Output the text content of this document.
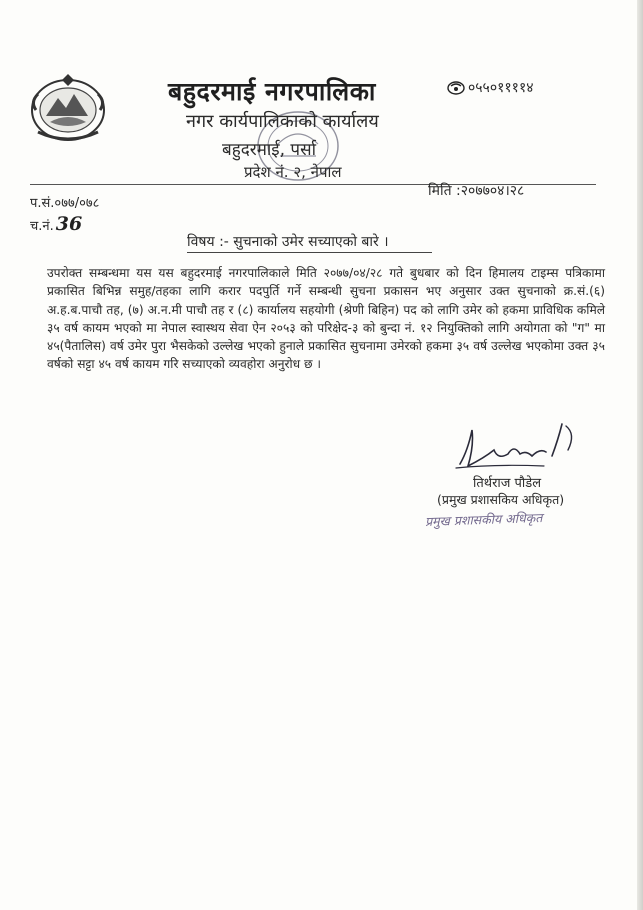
बहुदरमाई नगरपालिका	०५५०११११४
नगर कार्यपालिकाको कार्यालय
बहुदरमाई, पर्सा
प्रदेश नं. २, नेपाल
प.सं.०७७/०७८
मिति :२०७७०४।२८
च.नं. 36
विषय :- सुचनाको उमेर सच्याएको बारे ।
उपरोक्त सम्बन्धमा यस यस बहुदरमाई नगरपालिकाले मिति २०७७/०४/२८ गते बुधबार को दिन हिमालय टाइम्स पत्रिकामा प्रकासित बिभिन्न समुह/तहका लागि करार पदपुर्ति गर्ने सम्बन्धी सुचना प्रकासन भए अनुसार उक्त सुचनाको क्र.सं.(६) अ.ह.ब.पाचौ तह, (७) अ.न.मी पाचौ तह र (८) कार्यालय सहयोगी (श्रेणी बिहिन) पद को लागि उमेर को हकमा प्राविधिक कमिले ३५ वर्ष कायम भएको मा नेपाल स्वास्थय सेवा ऐन २०५३ को परिक्षेद-३ को बुन्दा नं. १२ नियुक्तिको लागि अयोगता को "ग" मा ४५(पैतालिस) वर्ष उमेर पुरा भैसकेको उल्लेख भएको हुनाले प्रकासित सुचनामा उमेरको हकमा ३५ वर्ष उल्लेख भएकोमा उक्त ३५ वर्षको सट्टा ४५ वर्ष कायम गरि सच्याएको व्यवहोरा अनुरोध छ ।
तिर्थराज पौडेल
(प्रमुख प्रशासकिय अधिकृत)
प्रमुख प्रशासकीय अधिकृत
